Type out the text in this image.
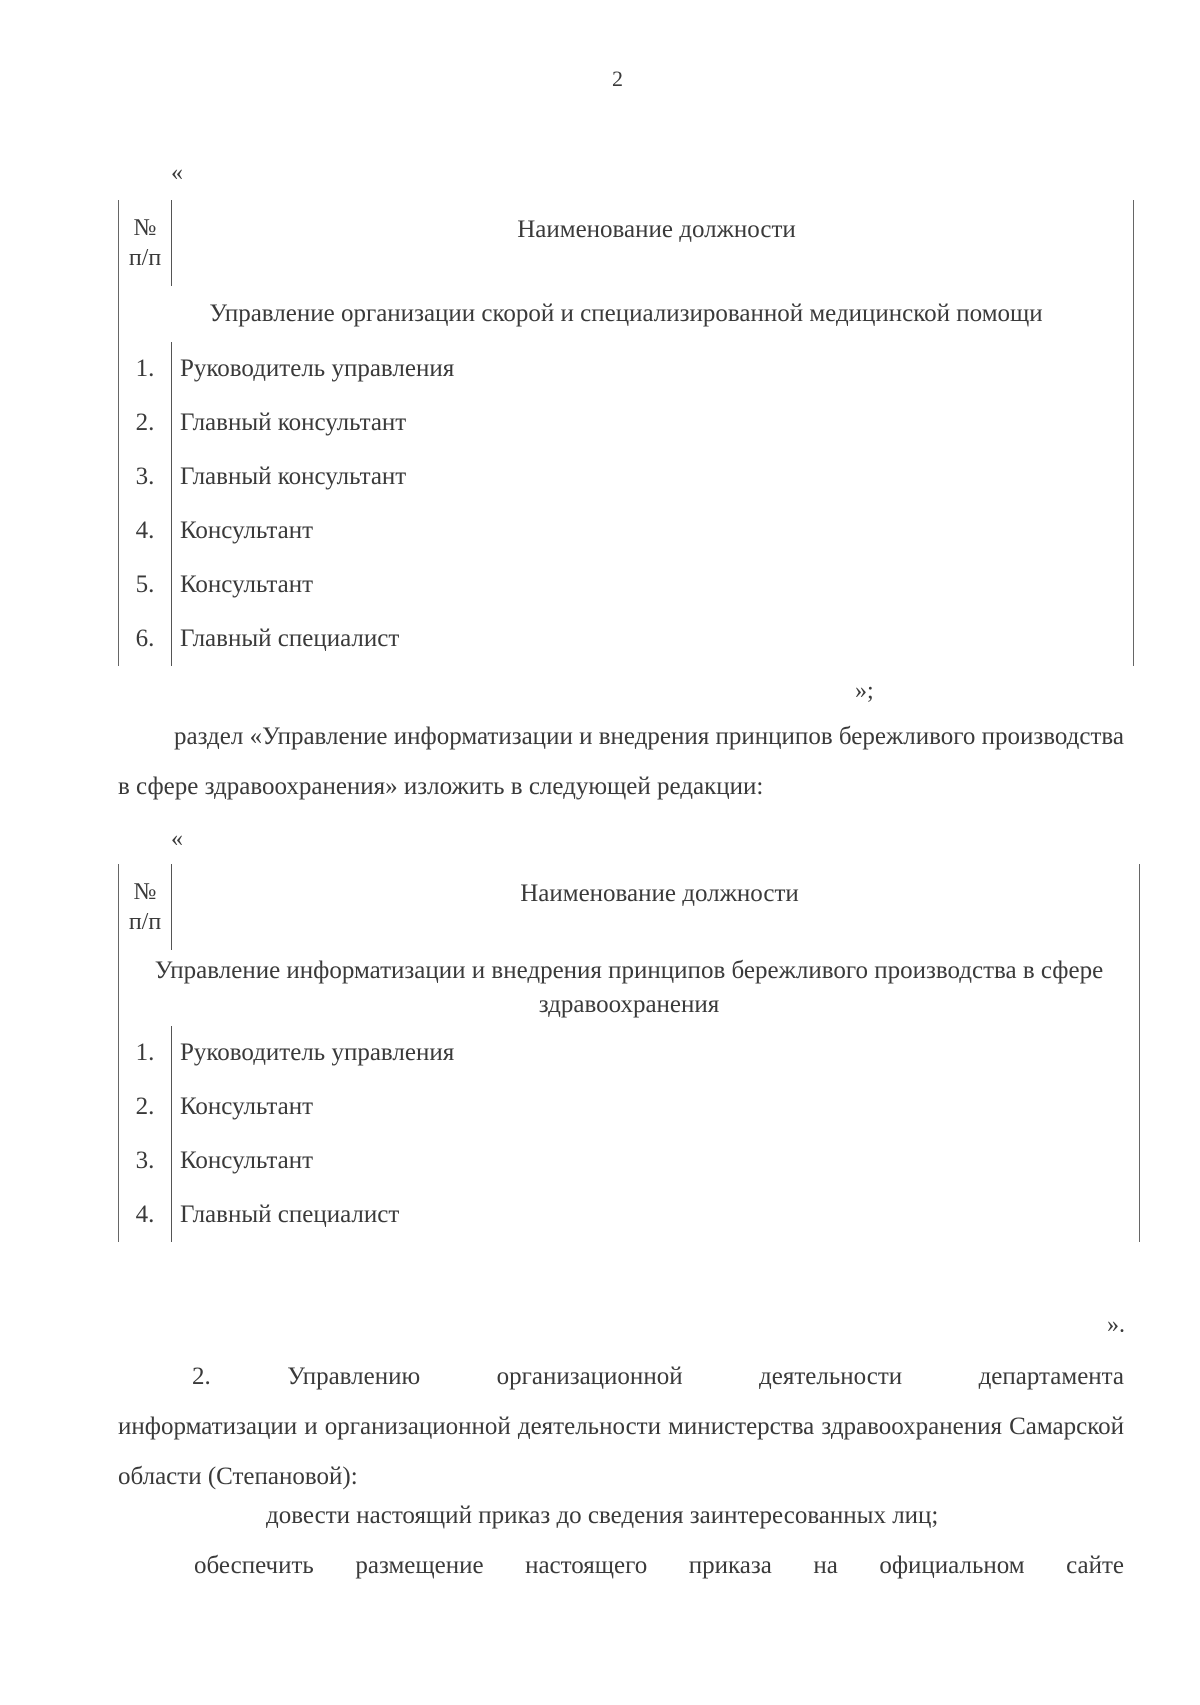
2
«
№
п/п	Наименование должности
Управление организации скорой и специализированной медицинской помощи	
1.	Руководитель управления
2.	Главный консультант
3.	Главный консультант
4.	Консультант
5.	Консультант
6.	Главный специалист
»;
раздел «Управление информатизации и внедрения принципов бережливого производства в сфере здравоохранения» изложить в следующей редакции:
«
№
п/п	Наименование должности
Управление информатизации и внедрения принципов бережливого производства в сфере здравоохранения	
1.	Руководитель управления
2.	Консультант
3.	Консультант
4.	Главный специалист
».
2. Управлению организационной деятельности департамента
информатизации и организационной деятельности министерства здравоохранения Самарской области (Степановой):
довести настоящий приказ до сведения заинтересованных лиц;
обеспечить размещение настоящего приказа на официальном сайте
